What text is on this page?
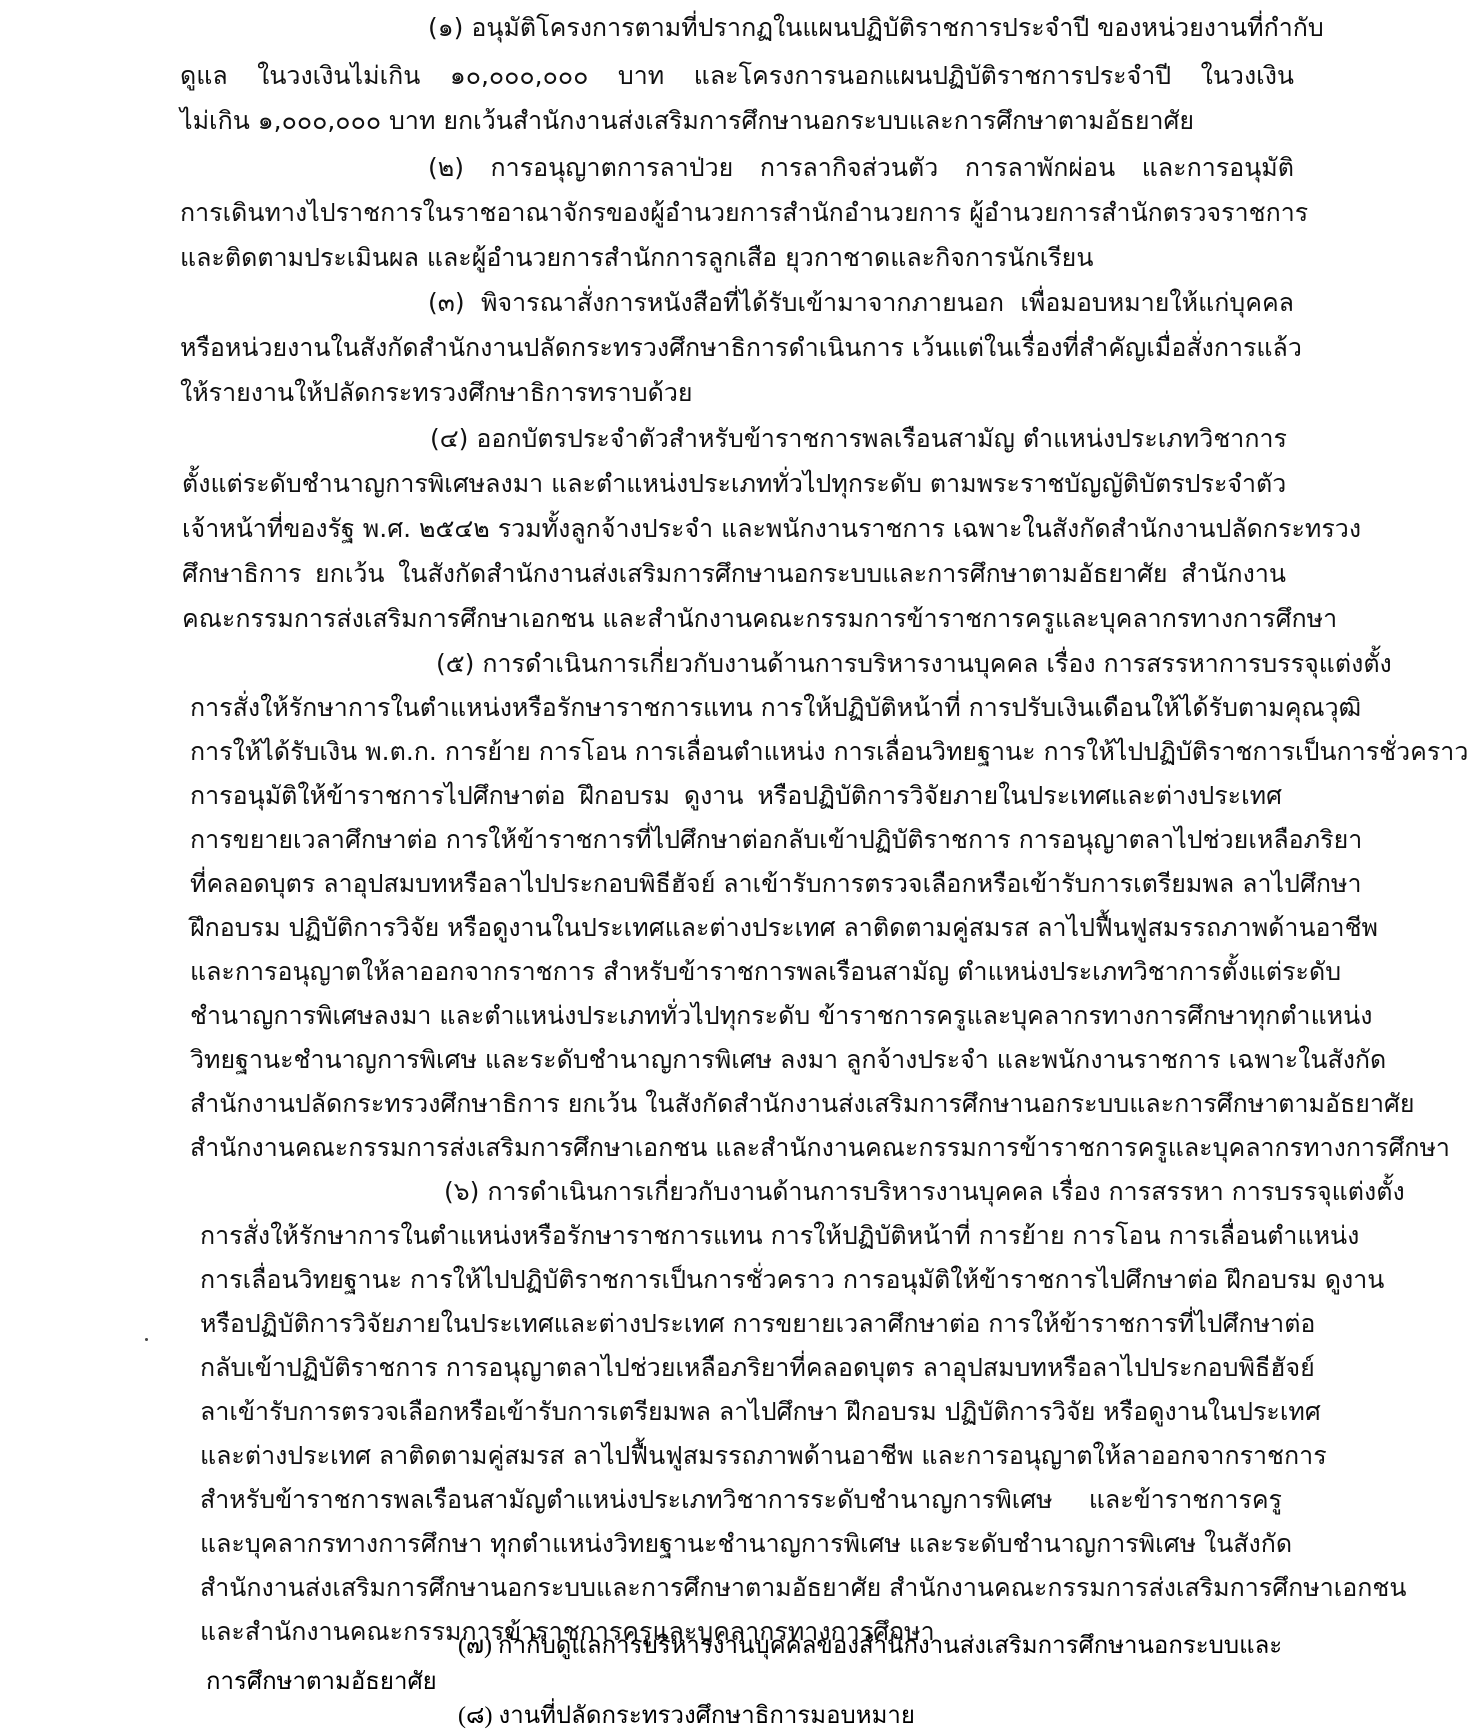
(๑) อนุมัติโครงการตามที่ปรากฏในแผนปฏิบัติราชการประจำปี ของหน่วยงานที่กำกับ
ดูแล ในวงเงินไม่เกิน ๑๐,๐๐๐,๐๐๐ บาท และโครงการนอกแผนปฏิบัติราชการประจำปี ในวงเงิน
ไม่เกิน ๑,๐๐๐,๐๐๐ บาท ยกเว้นสำนักงานส่งเสริมการศึกษานอกระบบและการศึกษาตามอัธยาศัย
(๒) การอนุญาตการลาป่วย การลากิจส่วนตัว การลาพักผ่อน และการอนุมัติ
การเดินทางไปราชการในราชอาณาจักรของผู้อำนวยการสำนักอำนวยการ ผู้อำนวยการสำนักตรวจราชการ
และติดตามประเมินผล และผู้อำนวยการสำนักการลูกเสือ ยุวกาชาดและกิจการนักเรียน
(๓) พิจารณาสั่งการหนังสือที่ได้รับเข้ามาจากภายนอก เพื่อมอบหมายให้แก่บุคคล
หรือหน่วยงานในสังกัดสำนักงานปลัดกระทรวงศึกษาธิการดำเนินการ เว้นแต่ในเรื่องที่สำคัญเมื่อสั่งการแล้ว
ให้รายงานให้ปลัดกระทรวงศึกษาธิการทราบด้วย
(๔) ออกบัตรประจำตัวสำหรับข้าราชการพลเรือนสามัญ ตำแหน่งประเภทวิชาการ
ตั้งแต่ระดับชำนาญการพิเศษลงมา และตำแหน่งประเภททั่วไปทุกระดับ ตามพระราชบัญญัติบัตรประจำตัว
เจ้าหน้าที่ของรัฐ พ.ศ. ๒๕๔๒ รวมทั้งลูกจ้างประจำ และพนักงานราชการ เฉพาะในสังกัดสำนักงานปลัดกระทรวง
ศึกษาธิการ ยกเว้น ในสังกัดสำนักงานส่งเสริมการศึกษานอกระบบและการศึกษาตามอัธยาศัย สำนักงาน
คณะกรรมการส่งเสริมการศึกษาเอกชน และสำนักงานคณะกรรมการข้าราชการครูและบุคลากรทางการศึกษา
(๕) การดำเนินการเกี่ยวกับงานด้านการบริหารงานบุคคล เรื่อง การสรรหาการบรรจุแต่งตั้ง
การสั่งให้รักษาการในตำแหน่งหรือรักษาราชการแทน การให้ปฏิบัติหน้าที่ การปรับเงินเดือนให้ได้รับตามคุณวุฒิ
การให้ได้รับเงิน พ.ต.ก. การย้าย การโอน การเลื่อนตำแหน่ง การเลื่อนวิทยฐานะ การให้ไปปฏิบัติราชการเป็นการชั่วคราว
การอนุมัติให้ข้าราชการไปศึกษาต่อ ฝึกอบรม ดูงาน หรือปฏิบัติการวิจัยภายในประเทศและต่างประเทศ
การขยายเวลาศึกษาต่อ การให้ข้าราชการที่ไปศึกษาต่อกลับเข้าปฏิบัติราชการ การอนุญาตลาไปช่วยเหลือภริยา
ที่คลอดบุตร ลาอุปสมบทหรือลาไปประกอบพิธีฮัจย์ ลาเข้ารับการตรวจเลือกหรือเข้ารับการเตรียมพล ลาไปศึกษา
ฝึกอบรม ปฏิบัติการวิจัย หรือดูงานในประเทศและต่างประเทศ ลาติดตามคู่สมรส ลาไปฟื้นฟูสมรรถภาพด้านอาชีพ
และการอนุญาตให้ลาออกจากราชการ สำหรับข้าราชการพลเรือนสามัญ ตำแหน่งประเภทวิชาการตั้งแต่ระดับ
ชำนาญการพิเศษลงมา และตำแหน่งประเภททั่วไปทุกระดับ ข้าราชการครูและบุคลากรทางการศึกษาทุกตำแหน่ง
วิทยฐานะชำนาญการพิเศษ และระดับชำนาญการพิเศษ ลงมา ลูกจ้างประจำ และพนักงานราชการ เฉพาะในสังกัด
สำนักงานปลัดกระทรวงศึกษาธิการ ยกเว้น ในสังกัดสำนักงานส่งเสริมการศึกษานอกระบบและการศึกษาตามอัธยาศัย
สำนักงานคณะกรรมการส่งเสริมการศึกษาเอกชน และสำนักงานคณะกรรมการข้าราชการครูและบุคลากรทางการศึกษา
(๖) การดำเนินการเกี่ยวกับงานด้านการบริหารงานบุคคล เรื่อง การสรรหา การบรรจุแต่งตั้ง
การสั่งให้รักษาการในตำแหน่งหรือรักษาราชการแทน การให้ปฏิบัติหน้าที่ การย้าย การโอน การเลื่อนตำแหน่ง
การเลื่อนวิทยฐานะ การให้ไปปฏิบัติราชการเป็นการชั่วคราว การอนุมัติให้ข้าราชการไปศึกษาต่อ ฝึกอบรม ดูงาน
หรือปฏิบัติการวิจัยภายในประเทศและต่างประเทศ การขยายเวลาศึกษาต่อ การให้ข้าราชการที่ไปศึกษาต่อ
กลับเข้าปฏิบัติราชการ การอนุญาตลาไปช่วยเหลือภริยาที่คลอดบุตร ลาอุปสมบทหรือลาไปประกอบพิธีฮัจย์
ลาเข้ารับการตรวจเลือกหรือเข้ารับการเตรียมพล ลาไปศึกษา ฝึกอบรม ปฏิบัติการวิจัย หรือดูงานในประเทศ
และต่างประเทศ ลาติดตามคู่สมรส ลาไปฟื้นฟูสมรรถภาพด้านอาชีพ และการอนุญาตให้ลาออกจากราชการ
สำหรับข้าราชการพลเรือนสามัญตำแหน่งประเภทวิชาการระดับชำนาญการพิเศษ และข้าราชการครู
และบุคลากรทางการศึกษา ทุกตำแหน่งวิทยฐานะชำนาญการพิเศษ และระดับชำนาญการพิเศษ ในสังกัด
สำนักงานส่งเสริมการศึกษานอกระบบและการศึกษาตามอัธยาศัย สำนักงานคณะกรรมการส่งเสริมการศึกษาเอกชน
และสำนักงานคณะกรรมการข้าราชการครูและบุคลากรทางการศึกษา
(๗) กำกับดูแลการบริหารงานบุคคลของสำนักงานส่งเสริมการศึกษานอกระบบและ
การศึกษาตามอัธยาศัย
(๘) งานที่ปลัดกระทรวงศึกษาธิการมอบหมาย
